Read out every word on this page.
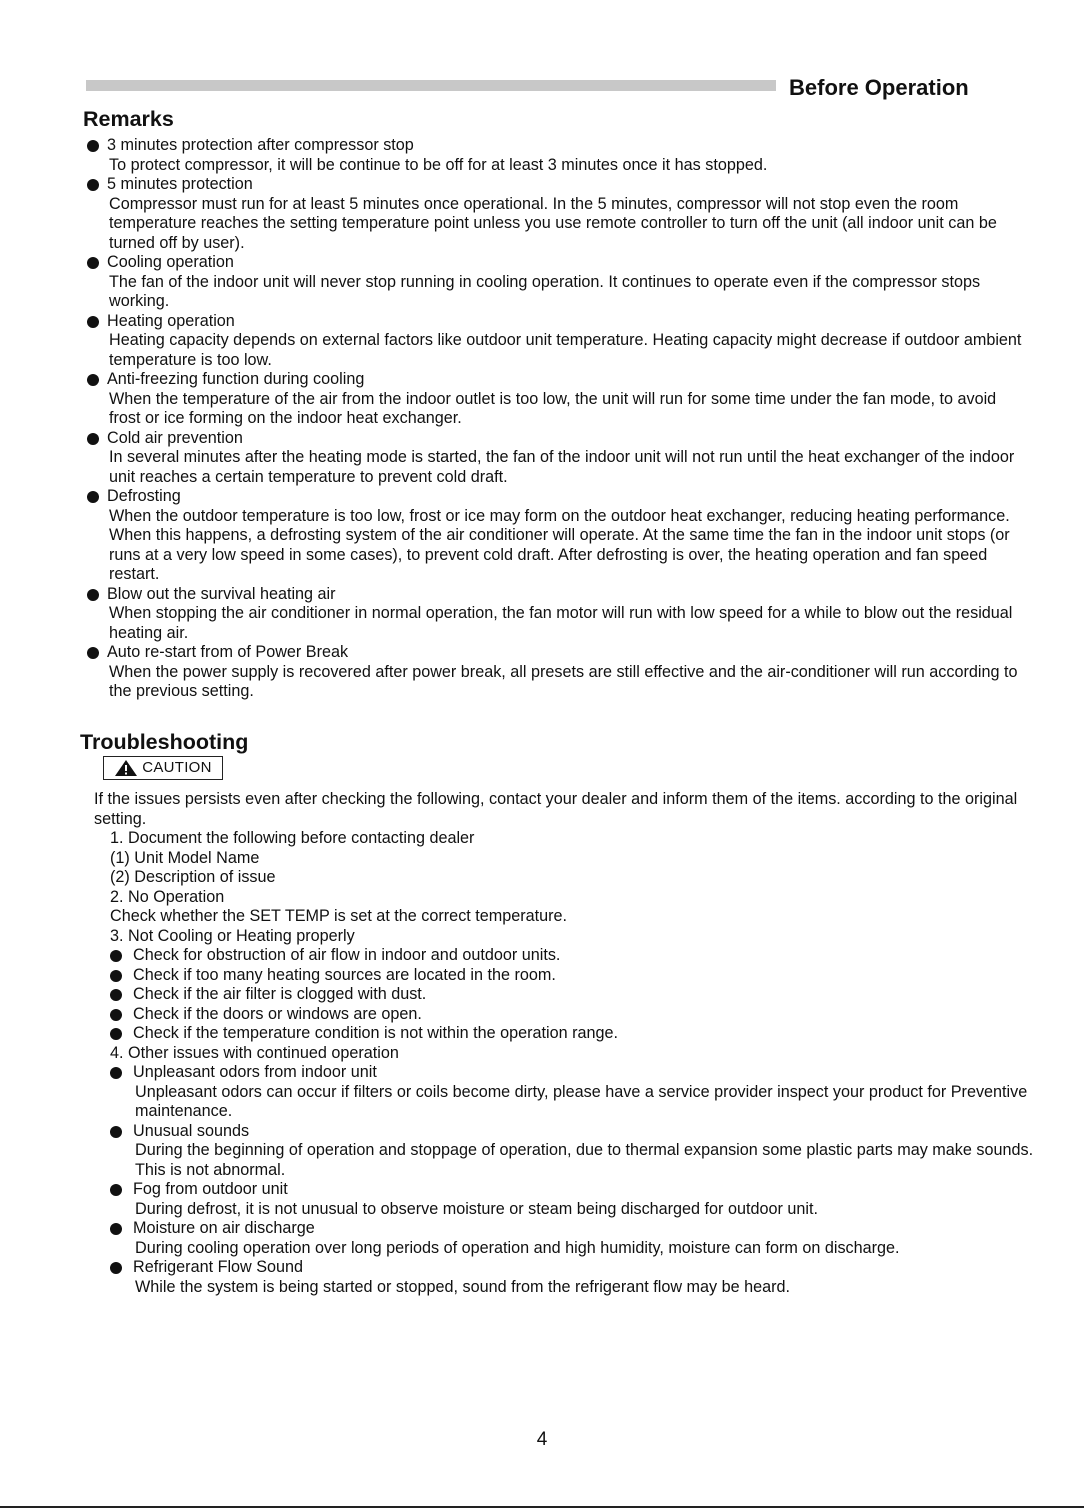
Before Operation
Remarks
3 minutes protection after compressor stop
To protect compressor, it will be continue to be off for at least 3 minutes once it has stopped.
5 minutes protection
Compressor must run for at least 5 minutes once operational. In the 5 minutes, compressor will not stop even the room temperature reaches the setting temperature point unless you use remote controller to turn off the unit (all indoor unit can be turned off by user).
Cooling operation
The fan of the indoor unit will never stop running in cooling operation. It continues to operate even if the compressor stops working.
Heating operation
Heating capacity depends on external factors like outdoor unit temperature. Heating capacity might decrease if outdoor ambient temperature is too low.
Anti-freezing function during cooling
When the temperature of the air from the indoor outlet is too low, the unit will run for some time under the fan mode, to avoid frost or ice forming on the indoor heat exchanger.
Cold air prevention
In several minutes after the heating mode is started, the fan of the indoor unit will not run until the heat exchanger of the indoor unit reaches a certain temperature to prevent cold draft.
Defrosting
When the outdoor temperature is too low, frost or ice may form on the outdoor heat exchanger, reducing heating performance. When this happens, a defrosting system of the air conditioner will operate. At the same time the fan in the indoor unit stops (or runs at a very low speed in some cases), to prevent cold draft. After defrosting is over, the heating operation and fan speed restart.
Blow out the survival heating air
When stopping the air conditioner in normal operation, the fan motor will run with low speed for a while to blow out the residual heating air.
Auto re-start from of Power Break
When the power supply is recovered after power break, all presets are still effective and the air-conditioner will run according to the previous setting.
Troubleshooting
CAUTION
If the issues persists even after checking the following, contact your dealer and inform them of the items. according to the original setting.
1. Document the following before contacting dealer
(1) Unit Model Name
(2) Description of issue
2. No Operation
Check whether the SET TEMP is set at the correct temperature.
3. Not Cooling or Heating properly
Check for obstruction of air flow in indoor and outdoor units.
Check if too many heating sources are located in the room.
Check if the air filter is clogged with dust.
Check if the doors or windows are open.
Check if the temperature condition is not within the operation range.
4. Other issues with continued operation
Unpleasant odors from indoor unit
Unpleasant odors can occur if filters or coils become dirty, please have a service provider inspect your product for Preventive maintenance.
Unusual sounds
During the beginning of operation and stoppage of operation, due to thermal expansion some plastic parts may make sounds. This is not abnormal.
Fog from outdoor unit
During defrost, it is not unusual to observe moisture or steam being discharged for outdoor unit.
Moisture on air discharge
During cooling operation over long periods of operation and high humidity, moisture can form on discharge.
Refrigerant Flow Sound
While the system is being started or stopped, sound from the refrigerant flow may be heard.
4
